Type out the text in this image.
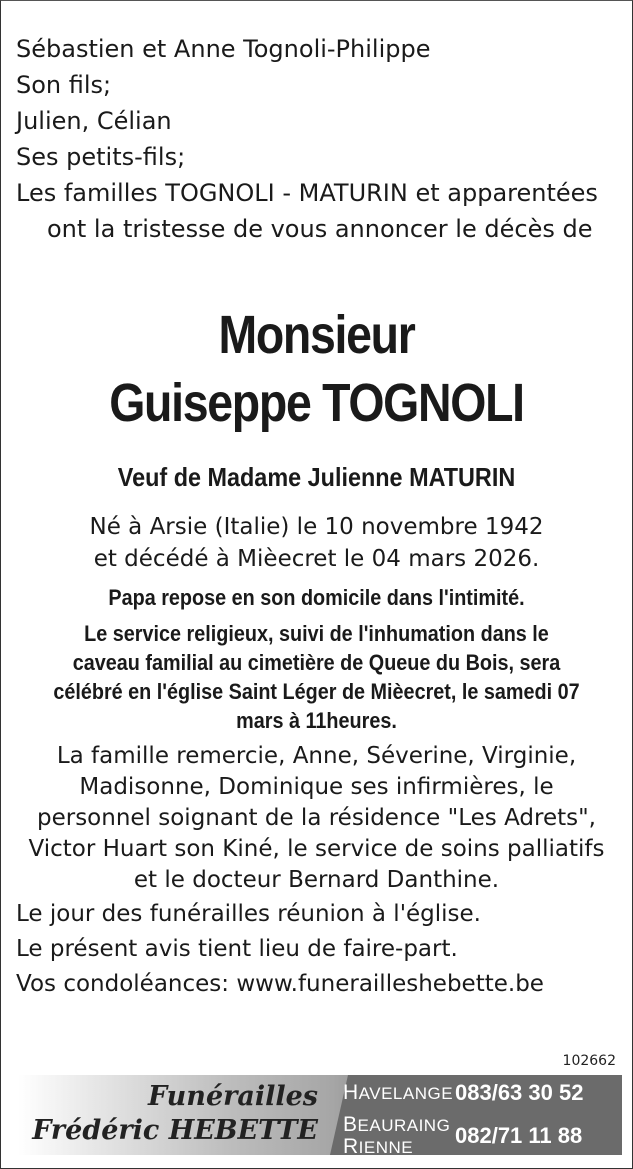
Sébastien et Anne Tognoli-Philippe
Son fils;
Julien, Célian
Ses petits-fils;
Les familles TOGNOLI - MATURIN et apparentées
ont la tristesse de vous annoncer le décès de
Monsieur
Guiseppe TOGNOLI
Veuf de Madame Julienne MATURIN
Né à Arsie (Italie) le 10 novembre 1942
et décédé à Mièecret le 04 mars 2026.
Papa repose en son domicile dans l'intimité.
Le service religieux, suivi de l'inhumation dans le
caveau familial au cimetière de Queue du Bois, sera
célébré en l'église Saint Léger de Mièecret, le samedi 07
mars à 11heures.
La famille remercie, Anne, Séverine, Virginie,
Madisonne, Dominique ses infirmières, le
personnel soignant de la résidence "Les Adrets",
Victor Huart son Kiné, le service de soins palliatifs
et le docteur Bernard Danthine.
Le jour des funérailles réunion à l'église.
Le présent avis tient lieu de faire-part.
Vos condoléances: www.funerailleshebette.be
102662
Funérailles
Frédéric HEBETTE
HAVELANGE 083/63 30 52
BEAURAING
RIENNE	082/71 11 88
